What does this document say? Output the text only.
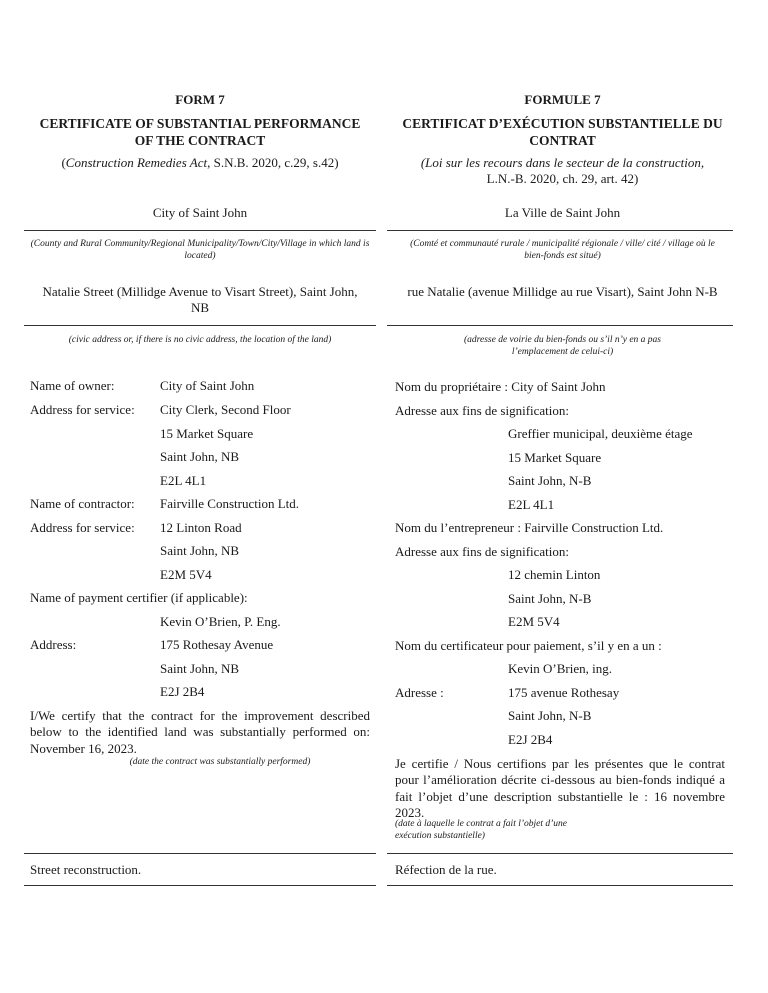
FORM 7
CERTIFICATE OF SUBSTANTIAL PERFORMANCE OF THE CONTRACT
(Construction Remedies Act, S.N.B. 2020, c.29, s.42)
City of Saint John
(County and Rural Community/Regional Municipality/Town/City/Village in which land is located)
Natalie Street (Millidge Avenue to Visart Street), Saint John, NB
(civic address or, if there is no civic address, the location of the land)
Name of owner:	City of Saint John
Address for service: City Clerk, Second Floor
15 Market Square
Saint John, NB
E2L 4L1
Name of contractor: Fairville Construction Ltd.
Address for service: 12 Linton Road
Saint John, NB
E2M 5V4
Name of payment certifier (if applicable):
Kevin O’Brien, P. Eng.
Address:	175 Rothesay Avenue
Saint John, NB
E2J 2B4
I/We certify that the contract for the improvement described below to the identified land was substantially performed on: November 16, 2023.
(date the contract was substantially performed)
Street reconstruction.
FORMULE 7
CERTIFICAT D’EXÉCUTION SUBSTANTIELLE DU CONTRAT
(Loi sur les recours dans le secteur de la construction,
L.N.-B. 2020, ch. 29, art. 42)
La Ville de Saint John
(Comté et communauté rurale / municipalité régionale / ville/ cité / village où le bien-fonds est situé)
rue Natalie (avenue Millidge au rue Visart), Saint John N-B
(adresse de voirie du bien-fonds ou s’il n’y en a pas l’emplacement de celui-ci)
Nom du propriétaire : City of Saint John
Adresse aux fins de signification:
Greffier municipal, deuxième étage
15 Market Square
Saint John, N-B
E2L 4L1
Nom du l’entrepreneur : Fairville Construction Ltd.
Adresse aux fins de signification:
12 chemin Linton
Saint John, N-B
E2M 5V4
Nom du certificateur pour paiement, s’il y en a un :
Kevin O’Brien, ing.
Adresse :	175 avenue Rothesay
Saint John, N-B
E2J 2B4
Je certifie / Nous certifions par les présentes que le contrat pour l’amélioration décrite ci-dessous au bien-fonds indiqué a fait l’objet d’une description substantielle le : 16 novembre 2023.
(date à laquelle le contrat a fait l’objet d’une exécution substantielle)
Réfection de la rue.
